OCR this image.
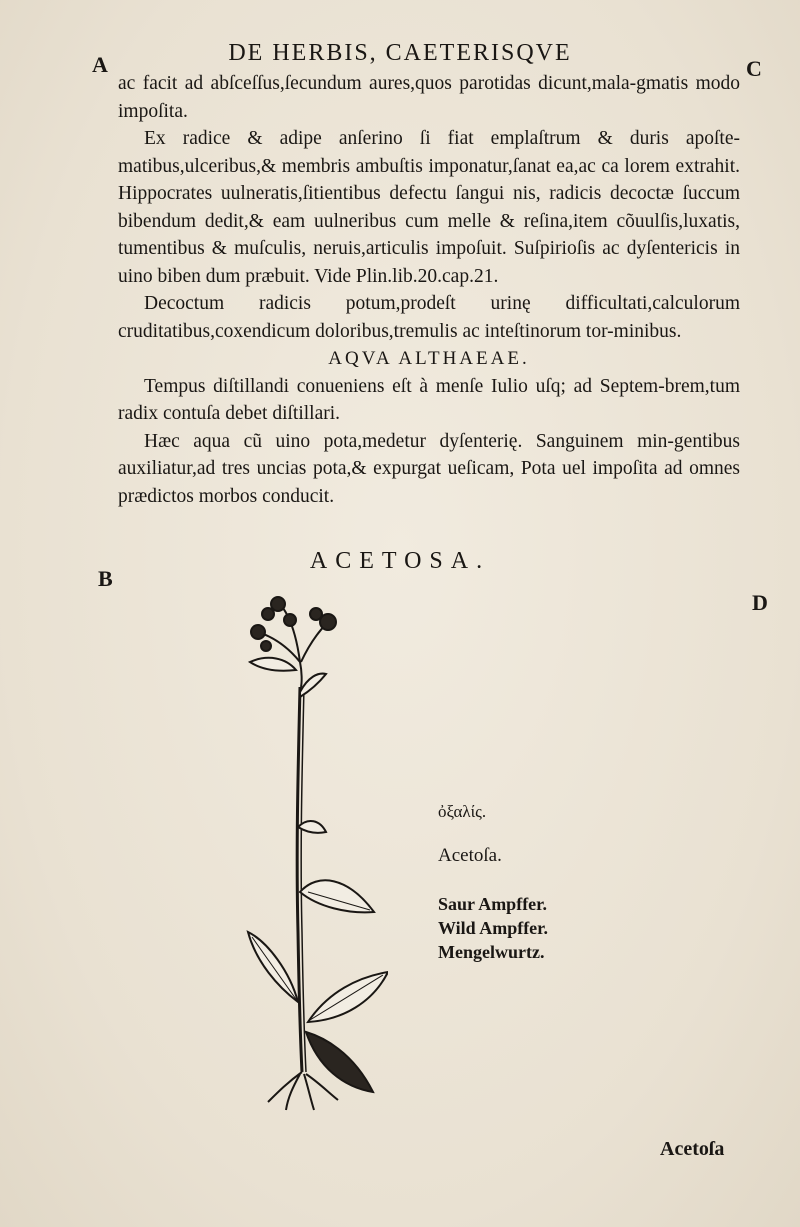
A	C
B
D
DE HERBIS, CAETERISQVE

ac facit ad abſceſſus,ſecundum aures,quos parotidas dicunt,mala-gmatis modo impoſita.

Ex radice & adipe anſerino ſi fiat emplaſtrum & duris apoſte-matibus,ulceribus,& membris ambuſtis imponatur,ſanat ea,ac ca lorem extrahit. Hippocrates uulneratis,ſitientibus defectu ſangui nis, radicis decoctæ ſuccum bibendum dedit,& eam uulneribus cum melle & reſina,item cõuulſis,luxatis, tumentibus & muſculis, neruis,articulis impoſuit. Suſpirioſis ac dyſentericis in uino biben dum præbuit. Vide Plin.lib.20.cap.21.

Decoctum radicis potum,prodeſt urinę difficultati,calculorum cruditatibus,coxendicum doloribus,tremulis ac inteſtinorum tor-minibus.

AQVA ALTHAEAE.

Tempus diſtillandi conueniens eſt à menſe Iulio uſq; ad Septem-brem,tum radix contuſa debet diſtillari.

Hæc aqua cũ uino pota,medetur dyſenterię. Sanguinem min-gentibus auxiliatur,ad tres uncias pota,& expurgat ueſicam, Pota uel impoſita ad omnes prædictos morbos conducit.

ACETOSA.
ὀξαλίς.
Acetoſa.
Saur Ampffer.
Wild Ampffer.
Mengelwurtz.
Acetoſa
